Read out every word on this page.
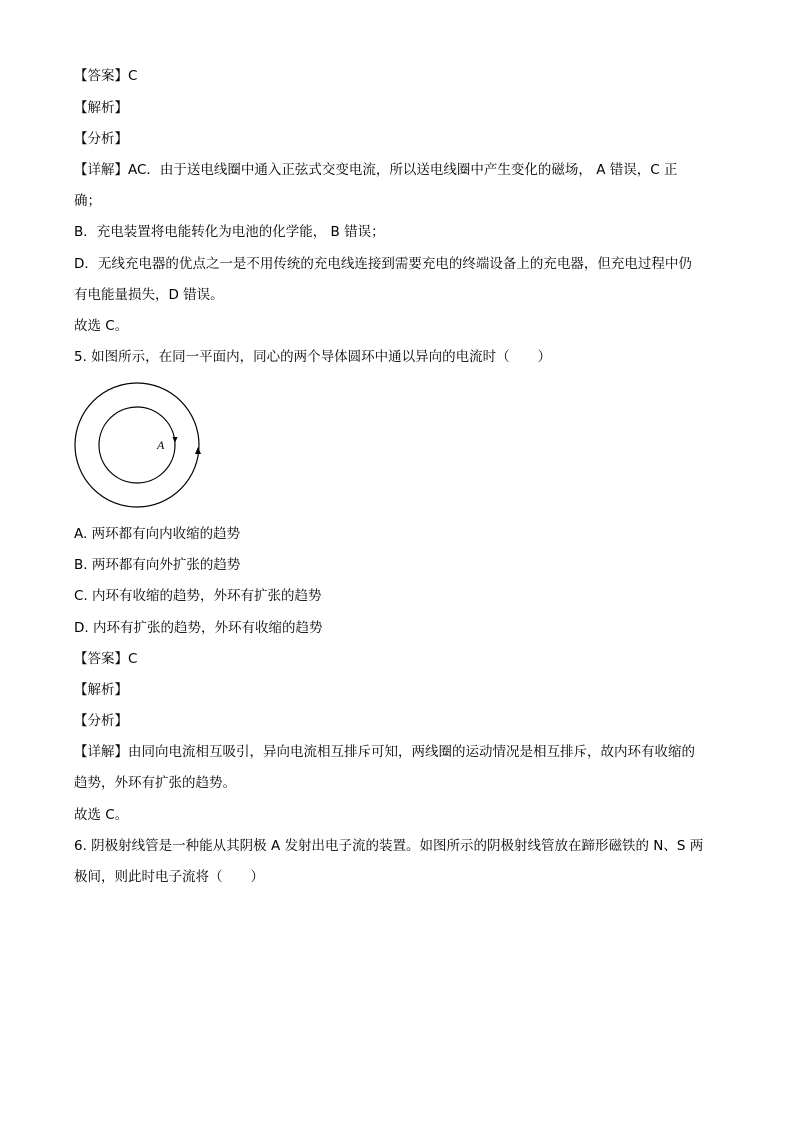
【答案】C
【解析】
【分析】
【详解】AC．由于送电线圈中通入正弦式交变电流，所以送电线圈中产生变化的磁场， A 错误，C 正
确；
B．充电装置将电能转化为电池的化学能， B 错误；
D．无线充电器的优点之一是不用传统的充电线连接到需要充电的终端设备上的充电器，但充电过程中仍
有电能量损失，D 错误。
故选 C。
5. 如图所示，在同一平面内，同心的两个导体圆环中通以异向的电流时（ ）
A
A. 两环都有向内收缩的趋势
B. 两环都有向外扩张的趋势
C. 内环有收缩的趋势，外环有扩张的趋势
D. 内环有扩张的趋势，外环有收缩的趋势
【答案】C
【解析】
【分析】
【详解】由同向电流相互吸引，异向电流相互排斥可知，两线圈的运动情况是相互排斥，故内环有收缩的
趋势，外环有扩张的趋势。
故选 C。
6. 阴极射线管是一种能从其阴极 A 发射出电子流的装置。如图所示的阴极射线管放在蹄形磁铁的 N、S 两
极间，则此时电子流将（ ）
